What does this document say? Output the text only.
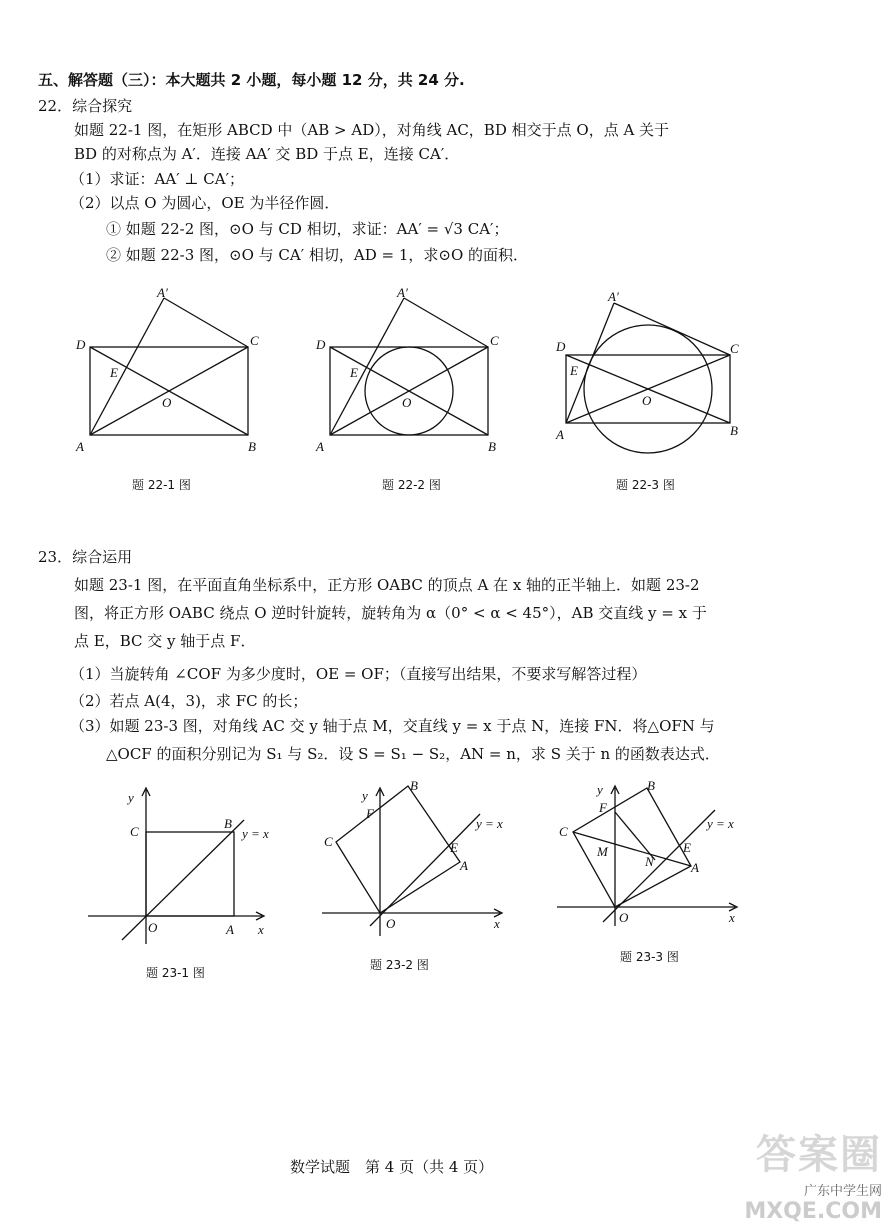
五、解答题（三）：本大题共 2 小题，每小题 12 分，共 24 分.
22．综合探究
如题 22-1 图，在矩形 ABCD 中（AB > AD），对角线 AC，BD 相交于点 O，点 A 关于
BD 的对称点为 A′．连接 AA′ 交 BD 于点 E，连接 CA′．
（1）求证：AA′ ⊥ CA′；
（2）以点 O 为圆心，OE 为半径作圆．
① 如题 22-2 图，⊙O 与 CD 相切，求证：AA′ = √3 CA′；
② 如题 22-3 图，⊙O 与 CA′ 相切，AD = 1，求⊙O 的面积．
A′
D	C
E
O
A	B
题 22-1 图
A′
D	C
E
O
A	B
题 22-2 图
A′
D	C
E
O
A	B
题 22-3 图
23．综合运用
如题 23-1 图，在平面直角坐标系中，正方形 OABC 的顶点 A 在 x 轴的正半轴上．如题 23-2
图，将正方形 OABC 绕点 O 逆时针旋转，旋转角为 α（0° < α < 45°），AB 交直线 y = x 于
点 E，BC 交 y 轴于点 F．
（1）当旋转角 ∠COF 为多少度时，OE = OF；（直接写出结果，不要求写解答过程）
（2）若点 A(4，3)，求 FC 的长；
（3）如题 23-3 图，对角线 AC 交 y 轴于点 M，交直线 y = x 于点 N，连接 FN．将△OFN 与
△OCF 的面积分别记为 S₁ 与 S₂．设 S = S₁ − S₂，AN = n，求 S 关于 n 的函数表达式．
y
C
B
y = x
O	A x
题 23-1 图
y
F
B
C
y = x
E
A
O	x
题 23-2 图
y
F
B
C
M
N
y = x
E
A
O	x
题 23-3 图
数学试题　第 4 页（共 4 页）	答案圈
广东中学生网
MXQE.COM
